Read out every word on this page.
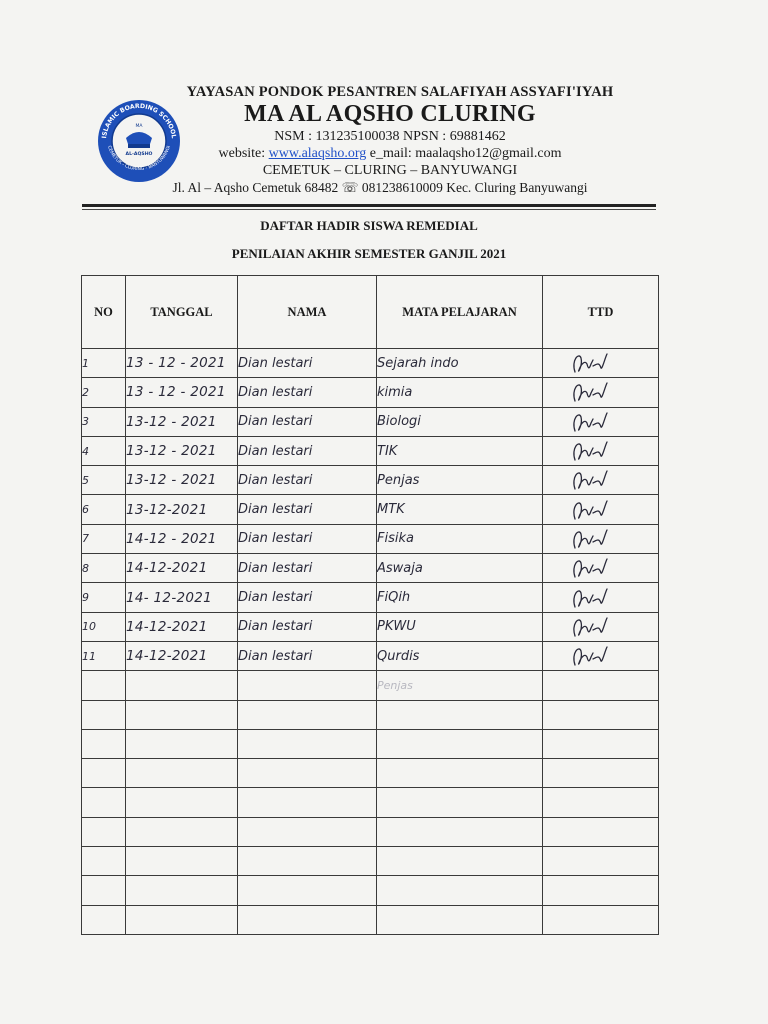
ISLAMIC BOARDING SCHOOL
CEMETUK - CLURING - BANYUWANGI
MA
AL-AQSHO
YAYASAN PONDOK PESANTREN SALAFIYAH ASSYAFI'IYAH
MA AL AQSHO CLURING
NSM : 131235100038 NPSN : 69881462
website: www.alaqsho.org e_mail: maalaqsho12@gmail.com
CEMETUK – CLURING – BANYUWANGI
Jl. Al – Aqsho Cemetuk 68482 ☏ 081238610009 Kec. Cluring Banyuwangi
DAFTAR HADIR SISWA REMEDIAL
PENILAIAN AKHIR SEMESTER GANJIL 2021
NO	TANGGAL	NAMA	MATA PELAJARAN	TTD
1	13 - 12 - 2021	Dian lestari	Sejarah indo	

2	13 - 12 - 2021	Dian lestari	kimia	

3	13-12 - 2021	Dian lestari	Biologi	

4	13-12 - 2021	Dian lestari	TIK	

5	13-12 - 2021	Dian lestari	Penjas	

6	13-12-2021	Dian lestari	MTK	

7	14-12 - 2021	Dian lestari	Fisika	

8	14-12-2021	Dian lestari	Aswaja	

9	14- 12-2021	Dian lestari	FiQih	

10	14-12-2021	Dian lestari	PKWU	

11	14-12-2021	Dian lestari	Qurdis	

			Penjas	
